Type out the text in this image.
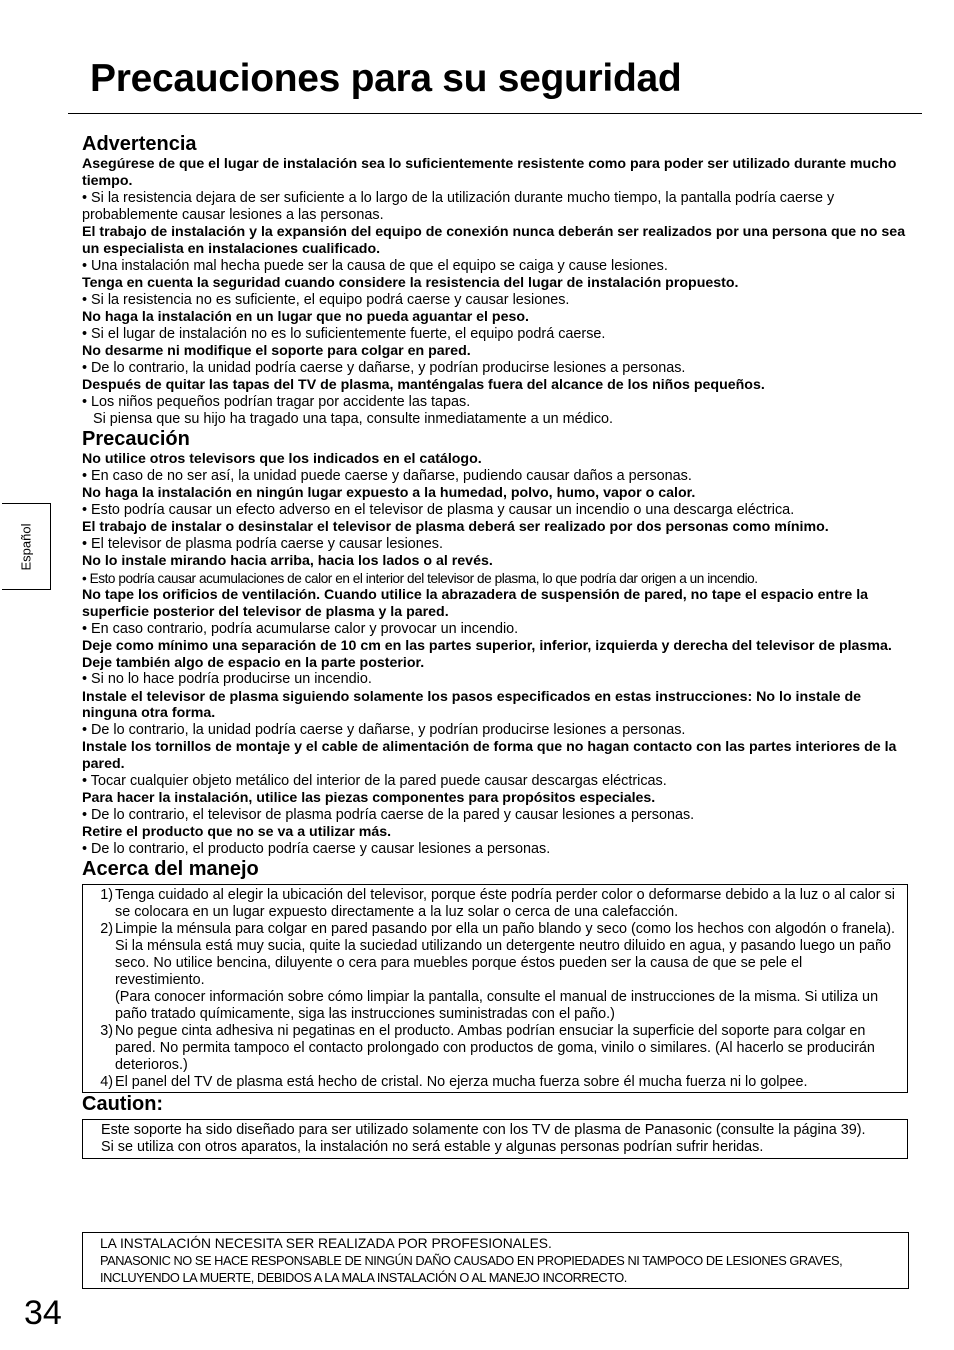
Precauciones para su seguridad
Español
Advertencia
Asegúrese de que el lugar de instalación sea lo suficientemente resistente como para poder ser utilizado durante mucho tiempo.
• Si la resistencia dejara de ser suficiente a lo largo de la utilización durante mucho tiempo, la pantalla podría caerse y probablemente causar lesiones a las personas.
El trabajo de instalación y la expansión del equipo de conexión nunca deberán ser realizados por una persona que no sea un especialista en instalaciones cualificado.
• Una instalación mal hecha puede ser la causa de que el equipo se caiga y cause lesiones.
Tenga en cuenta la seguridad cuando considere la resistencia del lugar de instalación propuesto.
• Si la resistencia no es suficiente, el equipo podrá caerse y causar lesiones.
No haga la instalación en un lugar que no pueda aguantar el peso.
• Si el lugar de instalación no es lo suficientemente fuerte, el equipo podrá caerse.
No desarme ni modifique el soporte para colgar en pared.
• De lo contrario, la unidad podría caerse y dañarse, y podrían producirse lesiones a personas.
Después de quitar las tapas del TV de plasma, manténgalas fuera del alcance de los niños pequeños.
• Los niños pequeños podrían tragar por accidente las tapas.
Si piensa que su hijo ha tragado una tapa, consulte inmediatamente a un médico.
Precaución
No utilice otros televisors que los indicados en el catálogo.
• En caso de no ser así, la unidad puede caerse y dañarse, pudiendo causar daños a personas.
No haga la instalación en ningún lugar expuesto a la humedad, polvo, humo, vapor o calor.
• Esto podría causar un efecto adverso en el televisor de plasma y causar un incendio o una descarga eléctrica.
El trabajo de instalar o desinstalar el televisor de plasma deberá ser realizado por dos personas como mínimo.
• El televisor de plasma podría caerse y causar lesiones.
No lo instale mirando hacia arriba, hacia los lados o al revés.
• Esto podría causar acumulaciones de calor en el interior del televisor de plasma, lo que podría dar origen a un incendio.
No tape los orificios de ventilación. Cuando utilice la abrazadera de suspensión de pared, no tape el espacio entre la superficie posterior del televisor de plasma y la pared.
• En caso contrario, podría acumularse calor y provocar un incendio.
Deje como mínimo una separación de 10 cm en las partes superior, inferior, izquierda y derecha del televisor de plasma. Deje también algo de espacio en la parte posterior.
• Si no lo hace podría producirse un incendio.
Instale el televisor de plasma siguiendo solamente los pasos especificados en estas instrucciones: No lo instale de ninguna otra forma.
• De lo contrario, la unidad podría caerse y dañarse, y podrían producirse lesiones a personas.
Instale los tornillos de montaje y el cable de alimentación de forma que no hagan contacto con las partes interiores de la pared.
• Tocar cualquier objeto metálico del interior de la pared puede causar descargas eléctricas.
Para hacer la instalación, utilice las piezas componentes para propósitos especiales.
• De lo contrario, el televisor de plasma podría caerse de la pared y causar lesiones a personas.
Retire el producto que no se va a utilizar más.
• De lo contrario, el producto podría caerse y causar lesiones a personas.
Acerca del manejo
1) Tenga cuidado al elegir la ubicación del televisor, porque éste podría perder color o deformarse debido a la luz o al calor si se colocara en un lugar expuesto directamente a la luz solar o cerca de una calefacción.
2) Limpie la ménsula para colgar en pared pasando por ella un paño blando y seco (como los hechos con algodón o franela). Si la ménsula está muy sucia, quite la suciedad utilizando un detergente neutro diluido en agua, y pasando luego un paño seco. No utilice bencina, diluyente o cera para muebles porque éstos pueden ser la causa de que se pele el revestimiento.
(Para conocer información sobre cómo limpiar la pantalla, consulte el manual de instrucciones de la misma. Si utiliza un paño tratado químicamente, siga las instrucciones suministradas con el paño.)
3) No pegue cinta adhesiva ni pegatinas en el producto. Ambas podrían ensuciar la superficie del soporte para colgar en pared. No permita tampoco el contacto prolongado con productos de goma, vinilo o similares. (Al hacerlo se producirán deterioros.)
4) El panel del TV de plasma está hecho de cristal. No ejerza mucha fuerza sobre él mucha fuerza ni lo golpee.
Caution:
Este soporte ha sido diseñado para ser utilizado solamente con los TV de plasma de Panasonic (consulte la página 39).
Si se utiliza con otros aparatos, la instalación no será estable y algunas personas podrían sufrir heridas.
LA INSTALACIÓN NECESITA SER REALIZADA POR PROFESIONALES.
PANASONIC NO SE HACE RESPONSABLE DE NINGÚN DAÑO CAUSADO EN PROPIEDADES NI TAMPOCO DE LESIONES GRAVES, INCLUYENDO LA MUERTE, DEBIDOS A LA MALA INSTALACIÓN O AL MANEJO INCORRECTO.
34
